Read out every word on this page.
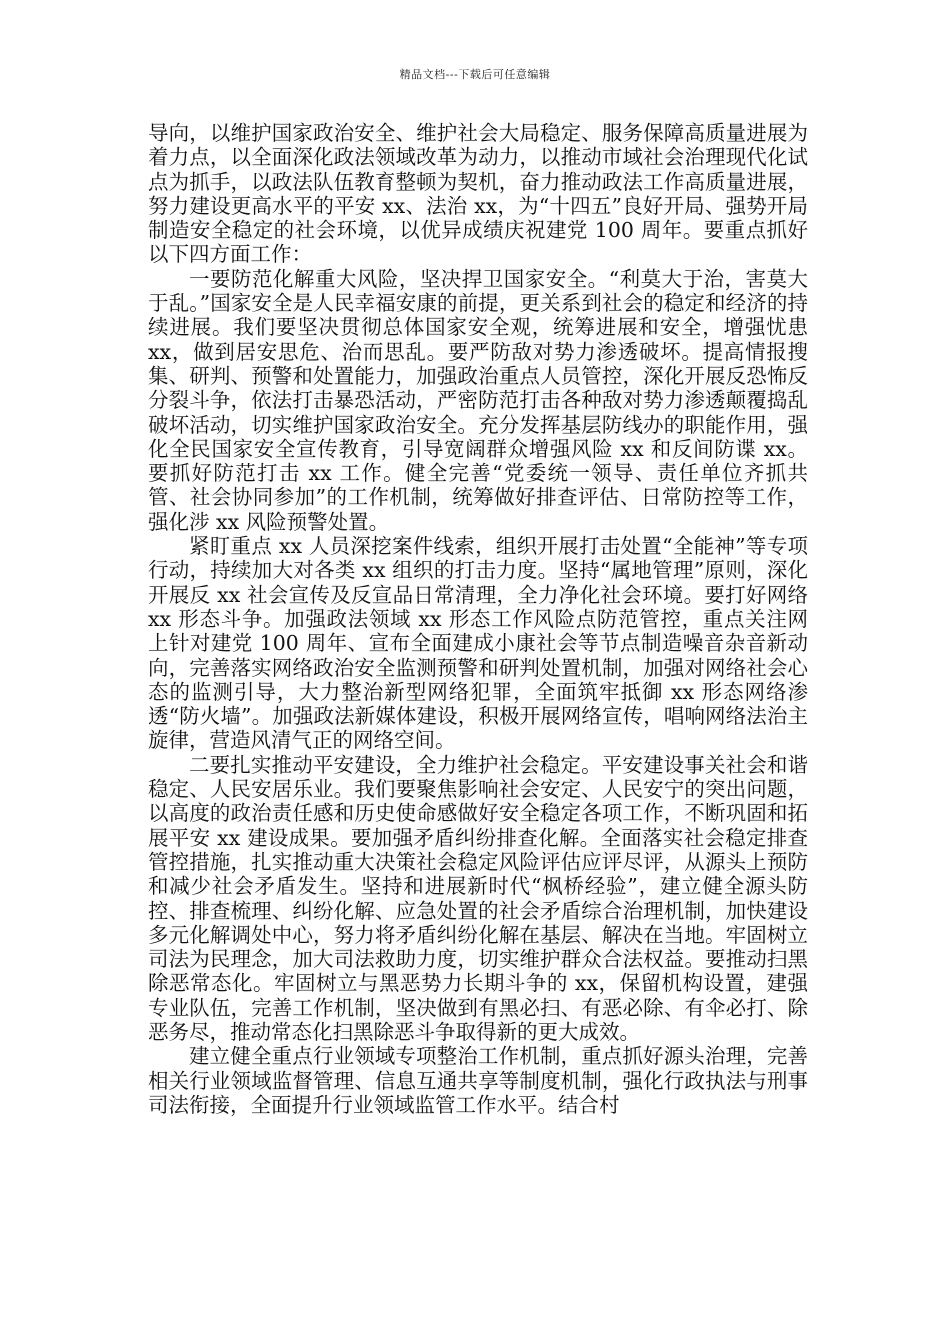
精品文档---下载后可任意编辑

导向，以维护国家政治安全、维护社会大局稳定、服务保障高质量进展为着力点，以全面深化政法领域改革为动力，以推动市域社会治理现代化试点为抓手，以政法队伍教育整顿为契机，奋力推动政法工作高质量进展，努力建设更高水平的平安 xx、法治 xx，为“十四五”良好开局、强势开局制造安全稳定的社会环境，以优异成绩庆祝建党 100 周年。要重点抓好以下四方面工作：

一要防范化解重大风险，坚决捍卫国家安全。“利莫大于治，害莫大于乱。”国家安全是人民幸福安康的前提，更关系到社会的稳定和经济的持续进展。我们要坚决贯彻总体国家安全观，统筹进展和安全，增强忧患 xx，做到居安思危、治而思乱。要严防敌对势力渗透破坏。提高情报搜集、研判、预警和处置能力，加强政治重点人员管控，深化开展反恐怖反分裂斗争，依法打击暴恐活动，严密防范打击各种敌对势力渗透颠覆捣乱破坏活动，切实维护国家政治安全。充分发挥基层防线办的职能作用，强化全民国家安全宣传教育，引导宽阔群众增强风险 xx 和反间防谍 xx。要抓好防范打击 xx 工作。健全完善“党委统一领导、责任单位齐抓共管、社会协同参加”的工作机制，统筹做好排查评估、日常防控等工作，强化涉 xx 风险预警处置。

紧盯重点 xx 人员深挖案件线索，组织开展打击处置“全能神”等专项行动，持续加大对各类 xx 组织的打击力度。坚持“属地管理”原则，深化开展反 xx 社会宣传及反宣品日常清理，全力净化社会环境。要打好网络 xx 形态斗争。加强政法领域 xx 形态工作风险点防范管控，重点关注网上针对建党 100 周年、宣布全面建成小康社会等节点制造噪音杂音新动向，完善落实网络政治安全监测预警和研判处置机制，加强对网络社会心态的监测引导，大力整治新型网络犯罪，全面筑牢抵御 xx 形态网络渗透“防火墙”。加强政法新媒体建设，积极开展网络宣传，唱响网络法治主旋律，营造风清气正的网络空间。

二要扎实推动平安建设，全力维护社会稳定。平安建设事关社会和谐稳定、人民安居乐业。我们要聚焦影响社会安定、人民安宁的突出问题，以高度的政治责任感和历史使命感做好安全稳定各项工作，不断巩固和拓展平安 xx 建设成果。要加强矛盾纠纷排查化解。全面落实社会稳定排查管控措施，扎实推动重大决策社会稳定风险评估应评尽评，从源头上预防和减少社会矛盾发生。坚持和进展新时代“枫桥经验”，建立健全源头防控、排查梳理、纠纷化解、应急处置的社会矛盾综合治理机制，加快建设多元化解调处中心，努力将矛盾纠纷化解在基层、解决在当地。牢固树立司法为民理念，加大司法救助力度，切实维护群众合法权益。要推动扫黑除恶常态化。牢固树立与黑恶势力长期斗争的 xx，保留机构设置，建强专业队伍，完善工作机制，坚决做到有黑必扫、有恶必除、有伞必打、除恶务尽，推动常态化扫黑除恶斗争取得新的更大成效。

建立健全重点行业领域专项整治工作机制，重点抓好源头治理，完善相关行业领域监督管理、信息互通共享等制度机制，强化行政执法与刑事司法衔接，全面提升行业领域监管工作水平。结合村
